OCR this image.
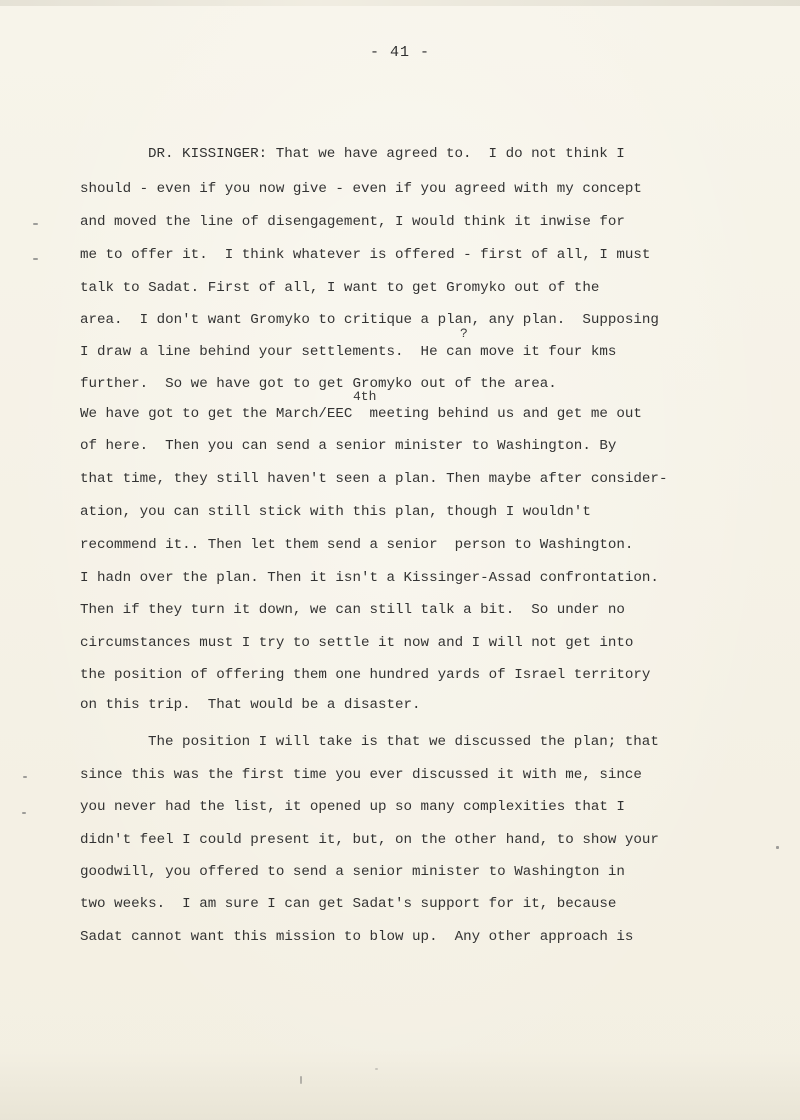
- 41 -
DR. KISSINGER: That we have agreed to.  I do not think I
should - even if you now give - even if you agreed with my concept
and moved the line of disengagement, I would think it inwise for
me to offer it.  I think whatever is offered - first of all, I must
talk to Sadat. First of all, I want to get Gromyko out of the
area.  I don't want Gromyko to critique a plan, any plan.  Supposing
?
I draw a line behind your settlements.  He can move it four kms
further.  So we have got to get Gromyko out of the area.
4th
We have got to get the March/EEC  meeting behind us and get me out
of here.  Then you can send a senior minister to Washington. By
that time, they still haven't seen a plan. Then maybe after consider-
ation, you can still stick with this plan, though I wouldn't
recommend it.. Then let them send a senior  person to Washington.
I hadn over the plan. Then it isn't a Kissinger-Assad confrontation.
Then if they turn it down, we can still talk a bit.  So under no
circumstances must I try to settle it now and I will not get into
the position of offering them one hundred yards of Israel territory
on this trip.  That would be a disaster.
The position I will take is that we discussed the plan; that
since this was the first time you ever discussed it with me, since
you never had the list, it opened up so many complexities that I
didn't feel I could present it, but, on the other hand, to show your
goodwill, you offered to send a senior minister to Washington in
two weeks.  I am sure I can get Sadat's support for it, because
Sadat cannot want this mission to blow up.  Any other approach is
